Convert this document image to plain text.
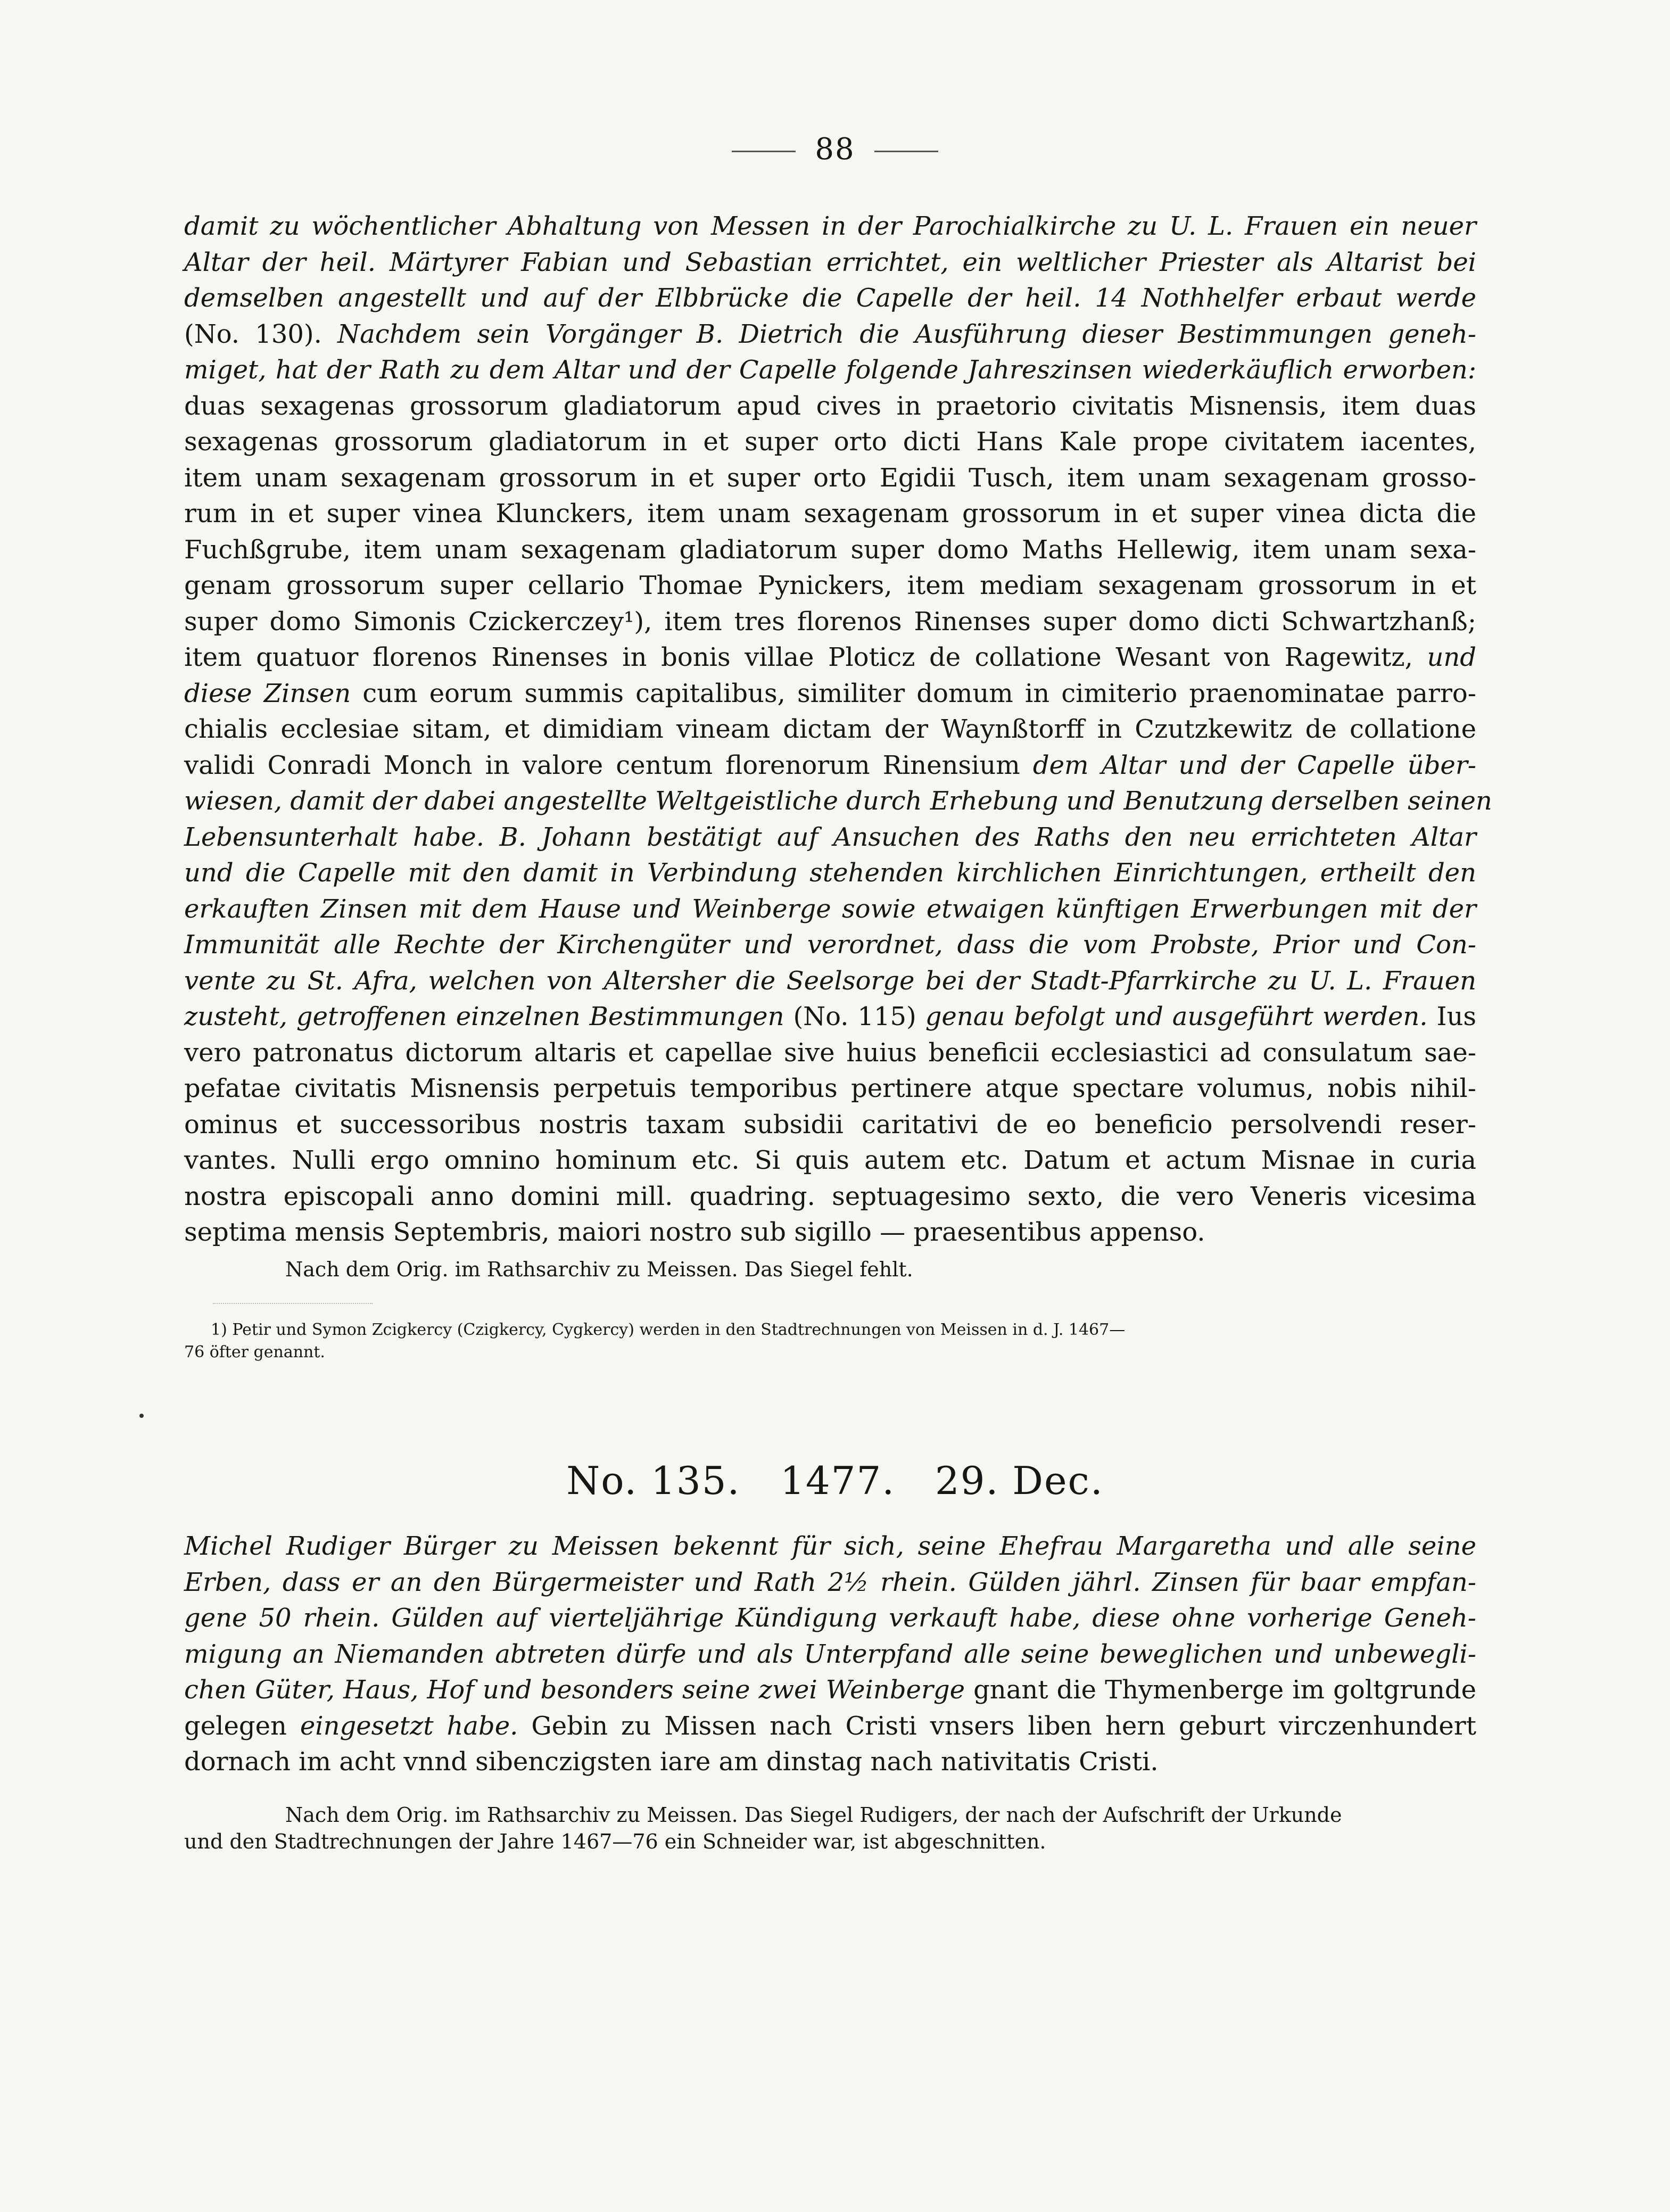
88
damit zu wöchentlicher Abhaltung von Messen in der Parochialkirche zu U. L. Frauen ein neuer
Altar der heil. Märtyrer Fabian und Sebastian errichtet, ein weltlicher Priester als Altarist bei
demselben angestellt und auf der Elbbrücke die Capelle der heil. 14 Nothhelfer erbaut werde
(No. 130). Nachdem sein Vorgänger B. Dietrich die Ausführung dieser Bestimmungen geneh-
miget, hat der Rath zu dem Altar und der Capelle folgende Jahreszinsen wiederkäuflich erworben:
duas sexagenas grossorum gladiatorum apud cives in praetorio civitatis Misnensis, item duas
sexagenas grossorum gladiatorum in et super orto dicti Hans Kale prope civitatem iacentes,
item unam sexagenam grossorum in et super orto Egidii Tusch, item unam sexagenam grosso-
rum in et super vinea Klunckers, item unam sexagenam grossorum in et super vinea dicta die
Fuchßgrube, item unam sexagenam gladiatorum super domo Maths Hellewig, item unam sexa-
genam grossorum super cellario Thomae Pynickers, item mediam sexagenam grossorum in et
super domo Simonis Czickerczey¹), item tres florenos Rinenses super domo dicti Schwartzhanß;
item quatuor florenos Rinenses in bonis villae Ploticz de collatione Wesant von Ragewitz, und
diese Zinsen cum eorum summis capitalibus, similiter domum in cimiterio praenominatae parro-
chialis ecclesiae sitam, et dimidiam vineam dictam der Waynßtorff in Czutzkewitz de collatione
validi Conradi Monch in valore centum florenorum Rinensium dem Altar und der Capelle über-
wiesen, damit der dabei angestellte Weltgeistliche durch Erhebung und Benutzung derselben seinen
Lebensunterhalt habe. B. Johann bestätigt auf Ansuchen des Raths den neu errichteten Altar
und die Capelle mit den damit in Verbindung stehenden kirchlichen Einrichtungen, ertheilt den
erkauften Zinsen mit dem Hause und Weinberge sowie etwaigen künftigen Erwerbungen mit der
Immunität alle Rechte der Kirchengüter und verordnet, dass die vom Probste, Prior und Con-
vente zu St. Afra, welchen von Altersher die Seelsorge bei der Stadt-Pfarrkirche zu U. L. Frauen
zusteht, getroffenen einzelnen Bestimmungen (No. 115) genau befolgt und ausgeführt werden. Ius
vero patronatus dictorum altaris et capellae sive huius beneficii ecclesiastici ad consulatum sae-
pefatae civitatis Misnensis perpetuis temporibus pertinere atque spectare volumus, nobis nihil-
ominus et successoribus nostris taxam subsidii caritativi de eo beneficio persolvendi reser-
vantes. Nulli ergo omnino hominum etc. Si quis autem etc. Datum et actum Misnae in curia
nostra episcopali anno domini mill. quadring. septuagesimo sexto, die vero Veneris vicesima
septima mensis Septembris, maiori nostro sub sigillo — praesentibus appenso.
Nach dem Orig. im Rathsarchiv zu Meissen. Das Siegel fehlt.
1) Petir und Symon Zcigkercy (Czigkercy, Cygkercy) werden in den Stadtrechnungen von Meissen in d. J. 1467—
76 öfter genannt.
No. 135.   1477.   29. Dec.
Michel Rudiger Bürger zu Meissen bekennt für sich, seine Ehefrau Margaretha und alle seine
Erben, dass er an den Bürgermeister und Rath 2½ rhein. Gülden jährl. Zinsen für baar empfan-
gene 50 rhein. Gülden auf vierteljährige Kündigung verkauft habe, diese ohne vorherige Geneh-
migung an Niemanden abtreten dürfe und als Unterpfand alle seine beweglichen und unbewegli-
chen Güter, Haus, Hof und besonders seine zwei Weinberge gnant die Thymenberge im goltgrunde
gelegen eingesetzt habe. Gebin zu Missen nach Cristi vnsers liben hern geburt virczenhundert
dornach im acht vnnd sibenczigsten iare am dinstag nach nativitatis Cristi.
Nach dem Orig. im Rathsarchiv zu Meissen. Das Siegel Rudigers, der nach der Aufschrift der Urkunde
und den Stadtrechnungen der Jahre 1467—76 ein Schneider war, ist abgeschnitten.
